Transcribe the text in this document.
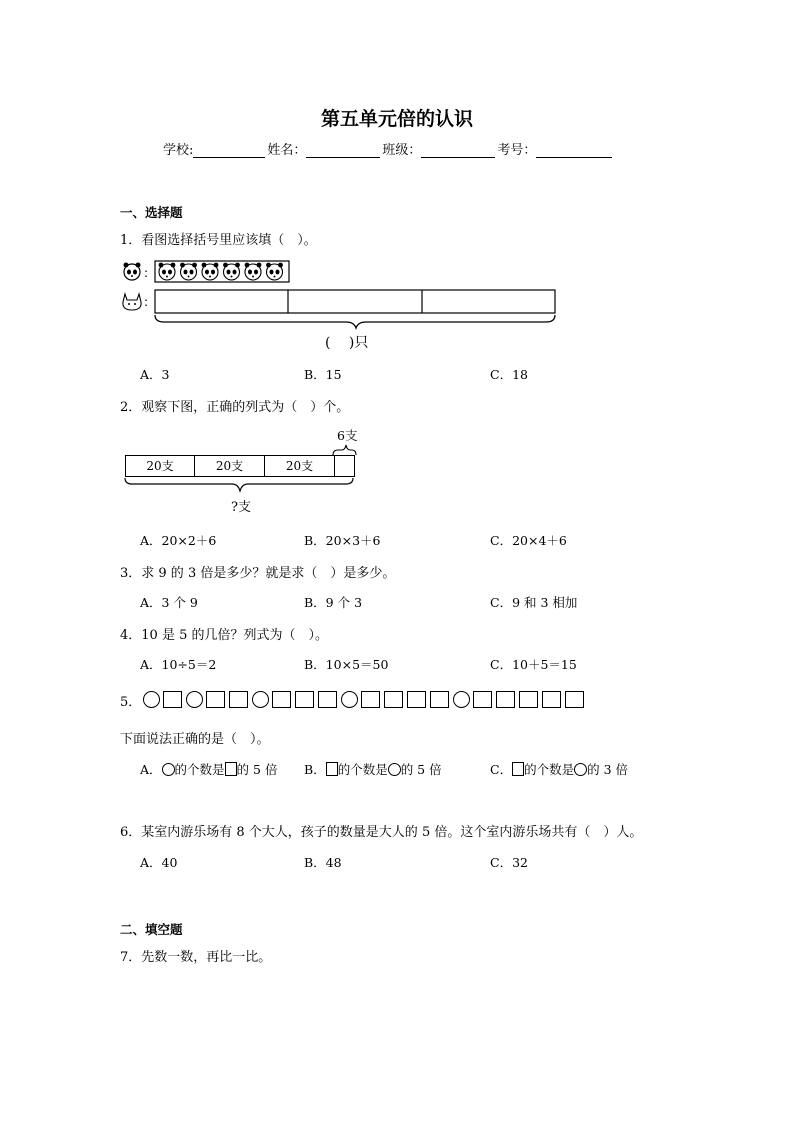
第五单元倍的认识
学校:	姓名：	班级：	考号：
一、选择题
1．看图选择括号里应该填（　）。
:
:
(　 )只
A．3	B．15	C．18
2．观察下图，正确的列式为（　）个。
6支
20支	20支	20支
?支
A．20×2＋6	B．20×3＋6	C．20×4＋6
3．求 9 的 3 倍是多少？就是求（　）是多少。
A．3 个 9	B．9 个 3	C．9 和 3 相加
4．10 是 5 的几倍？列式为（　）。
A．10÷5＝2	B．10×5＝50	C．10＋5＝15
5．
下面说法正确的是（　）。
A． 的个数是 的 5 倍 B． 的个数是 的 5 倍	C． 的个数是 的 3 倍
6．某室内游乐场有 8 个大人，孩子的数量是大人的 5 倍。这个室内游乐场共有（　）人。
A．40	B．48	C．32
二、填空题
7．先数一数，再比一比。
